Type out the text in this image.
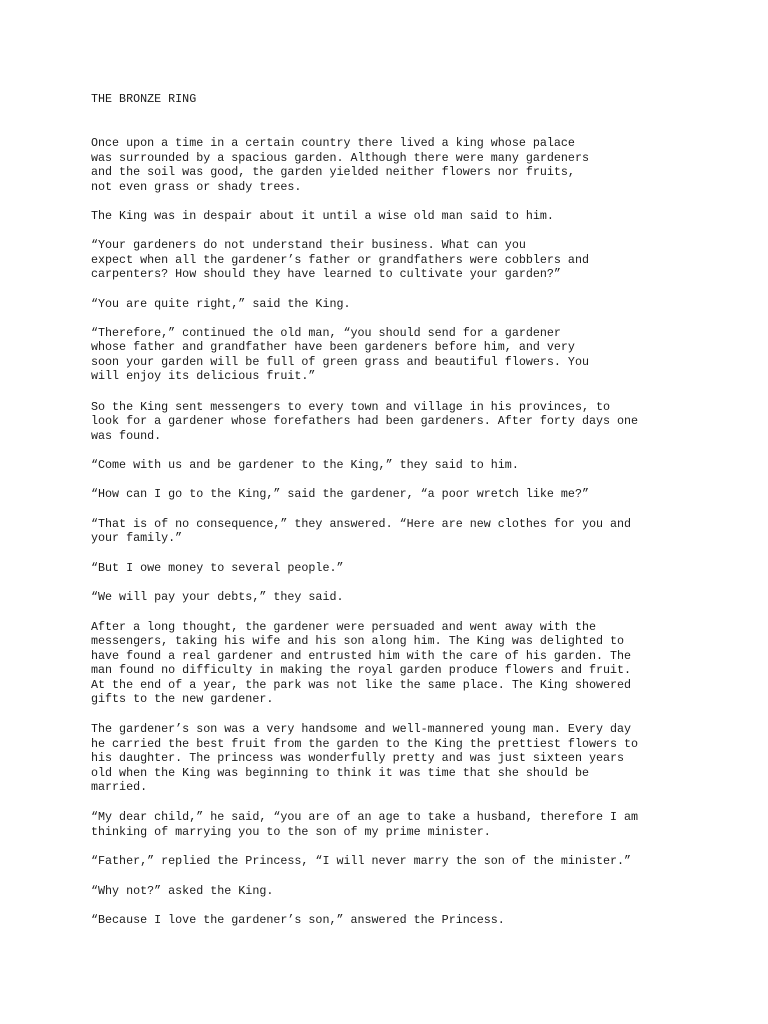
THE BRONZE RING

Once upon a time in a certain country there lived a king whose palace

was surrounded by a spacious garden. Although there were many gardeners

and the soil was good, the garden yielded neither flowers nor fruits,

not even grass or shady trees.

The King was in despair about it until a wise old man said to him.

“Your gardeners do not understand their business. What can you

expect when all the gardener’s father or grandfathers were cobblers and

carpenters? How should they have learned to cultivate your garden?”

“You are quite right,” said the King.

“Therefore,” continued the old man, “you should send for a gardener

whose father and grandfather have been gardeners before him, and very

soon your garden will be full of green grass and beautiful flowers. You

will enjoy its delicious fruit.”

So the King sent messengers to every town and village in his provinces, to

look for a gardener whose forefathers had been gardeners. After forty days one

was found.

“Come with us and be gardener to the King,” they said to him.

“How can I go to the King,” said the gardener, “a poor wretch like me?”

“That is of no consequence,” they answered. “Here are new clothes for you and

your family.”

“But I owe money to several people.”

“We will pay your debts,” they said.

After a long thought, the gardener were persuaded and went away with the

messengers, taking his wife and his son along him. The King was delighted to

have found a real gardener and entrusted him with the care of his garden. The

man found no difficulty in making the royal garden produce flowers and fruit.

At the end of a year, the park was not like the same place. The King showered

gifts to the new gardener.

The gardener’s son was a very handsome and well-mannered young man. Every day

he carried the best fruit from the garden to the King the prettiest flowers to

his daughter. The princess was wonderfully pretty and was just sixteen years

old when the King was beginning to think it was time that she should be

married.

“My dear child,” he said, “you are of an age to take a husband, therefore I am

thinking of marrying you to the son of my prime minister.

“Father,” replied the Princess, “I will never marry the son of the minister.”

“Why not?” asked the King.

“Because I love the gardener’s son,” answered the Princess.
